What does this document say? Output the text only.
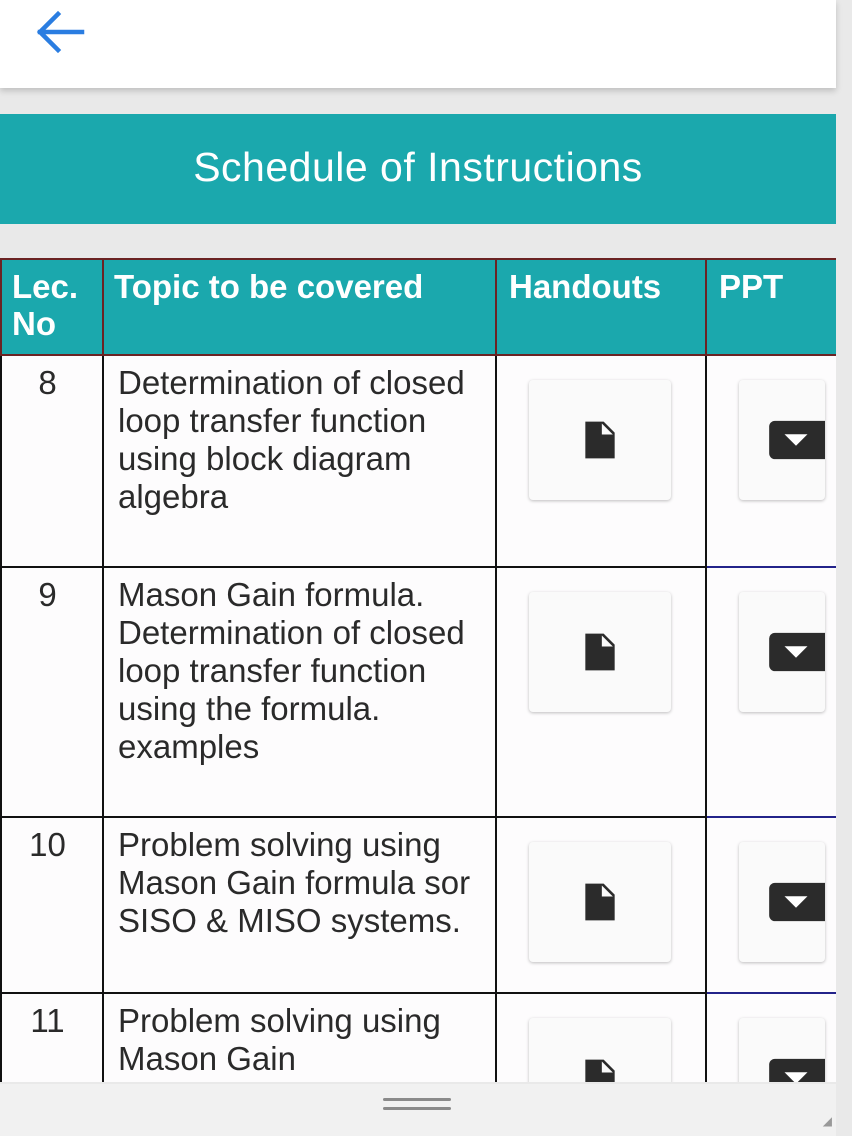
Schedule of Instructions
Lec. No	Topic to be covered	Handouts	PPT
8	Determination of closed loop transfer function using block diagram algebra	

9	Mason Gain formula. Determination of closed loop transfer function using the formula. examples	

10	Problem solving using Mason Gain formula sor SISO & MISO systems.	

11	Problem solving using Mason Gain	

◢
